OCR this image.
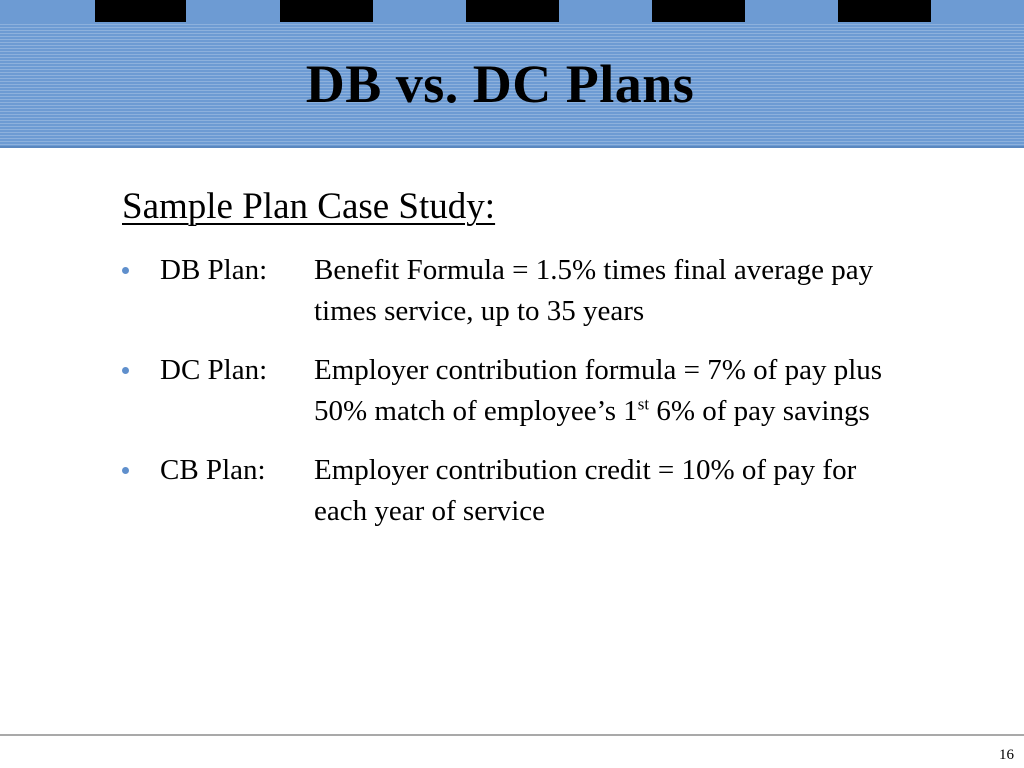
DB vs. DC Plans
Sample Plan Case Study:
DB Plan:	Benefit Formula = 1.5% times final average pay times service, up to 35 years
DC Plan:	Employer contribution formula = 7% of pay plus 50% match of employee’s 1st 6% of pay savings
CB Plan:	Employer contribution credit = 10% of pay for each year of service
16
